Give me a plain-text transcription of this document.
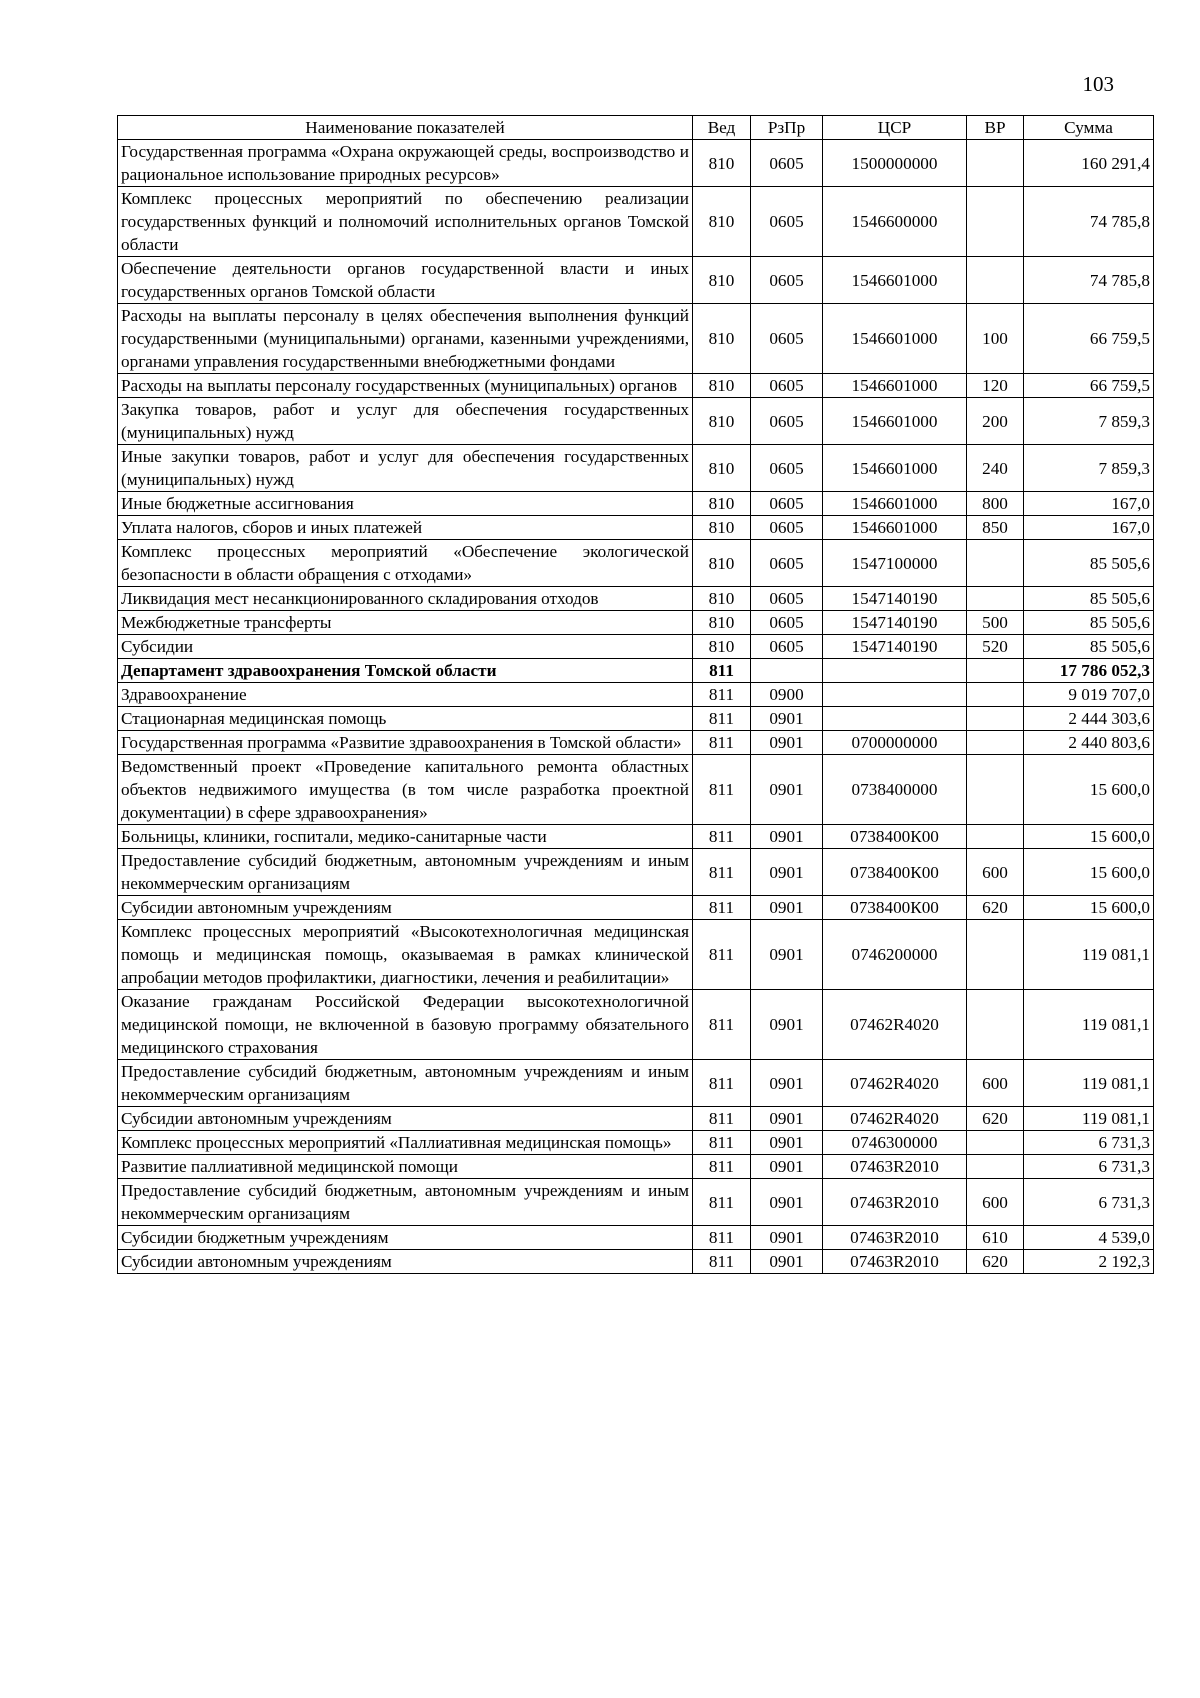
103
Наименование показателей	Вед	РзПр	ЦСР	ВР	Сумма
Государственная программа «Охрана окружающей среды, воспроизводство и рациональное использование природных ресурсов»	810	0605	1500000000		160 291,4
Комплекс процессных мероприятий по обеспечению реализации государственных функций и полномочий исполнительных органов Томской области	810	0605	1546600000		74 785,8
Обеспечение деятельности органов государственной власти и иных государственных органов Томской области	810	0605	1546601000		74 785,8
Расходы на выплаты персоналу в целях обеспечения выполнения функций государственными (муниципальными) органами, казенными учреждениями, органами управления государственными внебюджетными фондами	810	0605	1546601000	100	66 759,5
Расходы на выплаты персоналу государственных (муниципальных) органов	810	0605	1546601000	120	66 759,5
Закупка товаров, работ и услуг для обеспечения государственных (муниципальных) нужд	810	0605	1546601000	200	7 859,3
Иные закупки товаров, работ и услуг для обеспечения государственных (муниципальных) нужд	810	0605	1546601000	240	7 859,3
Иные бюджетные ассигнования	810	0605	1546601000	800	167,0
Уплата налогов, сборов и иных платежей	810	0605	1546601000	850	167,0
Комплекс процессных мероприятий «Обеспечение экологической безопасности в области обращения с отходами»	810	0605	1547100000		85 505,6
Ликвидация мест несанкционированного складирования отходов	810	0605	1547140190		85 505,6
Межбюджетные трансферты	810	0605	1547140190	500	85 505,6
Субсидии	810	0605	1547140190	520	85 505,6
Департамент здравоохранения Томской области	811				17 786 052,3
Здравоохранение	811	0900			9 019 707,0
Стационарная медицинская помощь	811	0901			2 444 303,6
Государственная программа «Развитие здравоохранения в Томской области»	811	0901	0700000000		2 440 803,6
Ведомственный проект «Проведение капитального ремонта областных объектов недвижимого имущества (в том числе разработка проектной документации) в сфере здравоохранения»	811	0901	0738400000		15 600,0
Больницы, клиники, госпитали, медико-санитарные части	811	0901	0738400К00		15 600,0
Предоставление субсидий бюджетным, автономным учреждениям и иным некоммерческим организациям	811	0901	0738400К00	600	15 600,0
Субсидии автономным учреждениям	811	0901	0738400К00	620	15 600,0
Комплекс процессных мероприятий «Высокотехнологичная медицинская помощь и медицинская помощь, оказываемая в рамках клинической апробации методов профилактики, диагностики, лечения и реабилитации»	811	0901	0746200000		119 081,1
Оказание гражданам Российской Федерации высокотехнологичной медицинской помощи, не включенной в базовую программу обязательного медицинского страхования	811	0901	07462R4020		119 081,1
Предоставление субсидий бюджетным, автономным учреждениям и иным некоммерческим организациям	811	0901	07462R4020	600	119 081,1
Субсидии автономным учреждениям	811	0901	07462R4020	620	119 081,1
Комплекс процессных мероприятий «Паллиативная медицинская помощь»	811	0901	0746300000		6 731,3
Развитие паллиативной медицинской помощи	811	0901	07463R2010		6 731,3
Предоставление субсидий бюджетным, автономным учреждениям и иным некоммерческим организациям	811	0901	07463R2010	600	6 731,3
Субсидии бюджетным учреждениям	811	0901	07463R2010	610	4 539,0
Субсидии автономным учреждениям	811	0901	07463R2010	620	2 192,3
